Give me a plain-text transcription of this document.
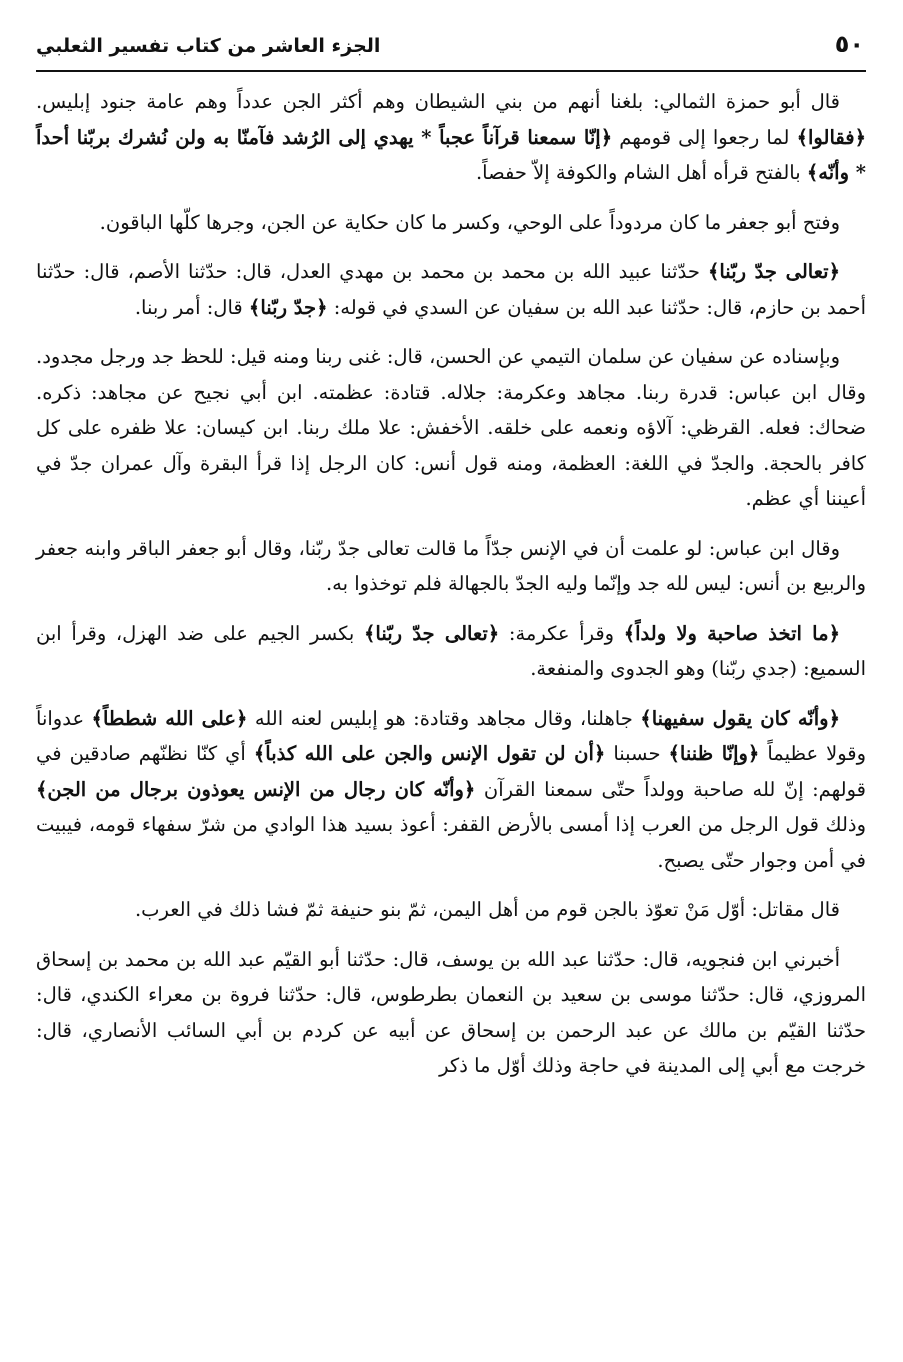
٥٠
الجزء العاشر من كتاب تفسير الثعلبي

قال أبو حمزة الثمالي: بلغنا أنهم من بني الشيطان وهم أكثر الجن عدداً وهم عامة جنود إبليس. ﴿فقالوا﴾ لما رجعوا إلى قومهم ﴿إنّا سمعنا قرآناً عجباً * يهدي إلى الرُشد فآمنّا به ولن نُشرك بربّنا أحداً * وأنّه﴾ بالفتح قرأه أهل الشام والكوفة إلاّ حفصاً.

وفتح أبو جعفر ما كان مردوداً على الوحي، وكسر ما كان حكاية عن الجن، وجرها كلّها الباقون.

﴿تعالى جدّ ربّنا﴾ حدّثنا عبيد الله بن محمد بن محمد بن مهدي العدل، قال: حدّثنا الأصم، قال: حدّثنا أحمد بن حازم، قال: حدّثنا عبد الله بن سفيان عن السدي في قوله: ﴿جدّ ربّنا﴾ قال: أمر ربنا.

وبإسناده عن سفيان عن سلمان التيمي عن الحسن، قال: غنى ربنا ومنه قيل: للحظ جد ورجل مجدود. وقال ابن عباس: قدرة ربنا. مجاهد وعكرمة: جلاله. قتادة: عظمته. ابن أبي نجيح عن مجاهد: ذكره. ضحاك: فعله. القرظي: آلاؤه ونعمه على خلقه. الأخفش: علا ملك ربنا. ابن كيسان: علا ظفره على كل كافر بالحجة. والجدّ في اللغة: العظمة، ومنه قول أنس: كان الرجل إذا قرأ البقرة وآل عمران جدّ في أعيننا أي عظم.

وقال ابن عباس: لو علمت أن في الإنس جدّاً ما قالت تعالى جدّ ربّنا، وقال أبو جعفر الباقر وابنه جعفر والربيع بن أنس: ليس لله جد وإنّما وليه الجدّ بالجهالة فلم توخذوا به.

﴿ما اتخذ صاحبة ولا ولداً﴾ وقرأ عكرمة: ﴿تعالى جدّ ربّنا﴾ بكسر الجيم على ضد الهزل، وقرأ ابن السميع: (جدي ربّنا) وهو الجدوى والمنفعة.

﴿وأنّه كان يقول سفيهنا﴾ جاهلنا، وقال مجاهد وقتادة: هو إبليس لعنه الله ﴿على الله شططاً﴾ عدواناً وقولا عظيماً ﴿وإنّا ظننا﴾ حسبنا ﴿أن لن تقول الإنس والجن على الله كذباً﴾ أي كنّا نظنّهم صادقين في قولهم: إنّ لله صاحبة وولداً حتّى سمعنا القرآن ﴿وأنّه كان رجال من الإنس يعوذون برجال من الجن﴾ وذلك قول الرجل من العرب إذا أمسى بالأرض القفر: أعوذ بسيد هذا الوادي من شرّ سفهاء قومه، فيبيت في أمن وجوار حتّى يصبح.

قال مقاتل: أوّل مَنْ تعوّذ بالجن قوم من أهل اليمن، ثمّ بنو حنيفة ثمّ فشا ذلك في العرب.

أخبرني ابن فنجويه، قال: حدّثنا عبد الله بن يوسف، قال: حدّثنا أبو القيّم عبد الله بن محمد بن إسحاق المروزي، قال: حدّثنا موسى بن سعيد بن النعمان بطرطوس، قال: حدّثنا فروة بن معراء الكندي، قال: حدّثنا القيّم بن مالك عن عبد الرحمن بن إسحاق عن أبيه عن كردم بن أبي السائب الأنصاري، قال: خرجت مع أبي إلى المدينة في حاجة وذلك أوّل ما ذكر
